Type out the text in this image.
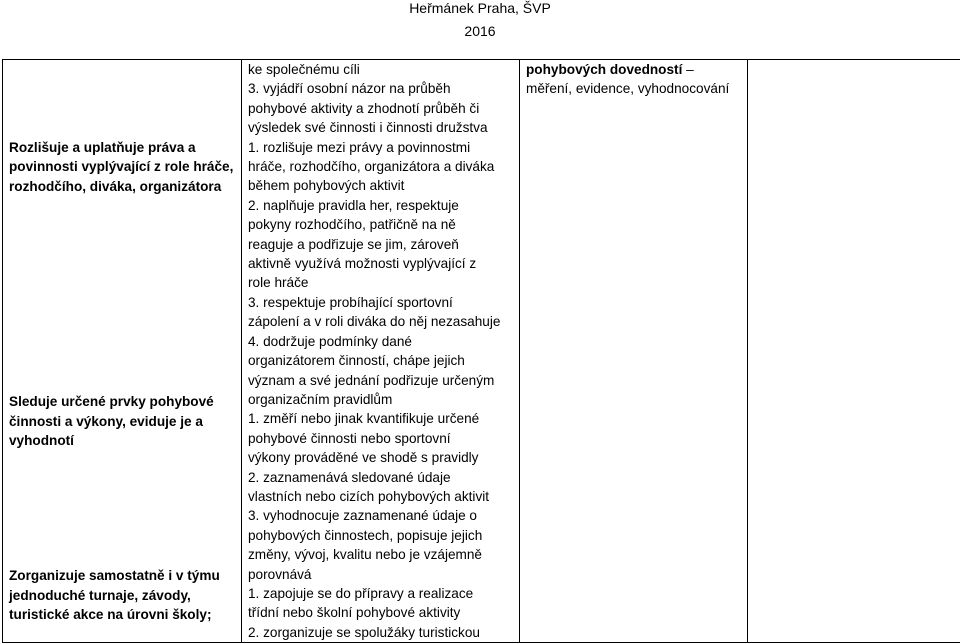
Heřmánek Praha, ŠVP
2016
Rozlišuje a uplatňuje práva a
povinnosti vyplývající z role hráče,
rozhodčího, diváka, organizátora
Sleduje určené prvky pohybové
činnosti a výkony, eviduje je a
vyhodnotí
Zorganizuje samostatně i v týmu
jednoduché turnaje, závody,
turistické akce na úrovni školy;

ke společnému cíli
3. vyjádří osobní názor na průběh
pohybové aktivity a zhodnotí průběh či
výsledek své činnosti i činnosti družstva
1. rozlišuje mezi právy a povinnostmi
hráče, rozhodčího, organizátora a diváka
během pohybových aktivit
2. naplňuje pravidla her, respektuje
pokyny rozhodčího, patřičně na ně
reaguje a podřizuje se jim, zároveň
aktivně využívá možnosti vyplývající z
role hráče
3. respektuje probíhající sportovní
zápolení a v roli diváka do něj nezasahuje
4. dodržuje podmínky dané
organizátorem činností, chápe jejich
význam a své jednání podřizuje určeným
organizačním pravidlům
1. změří nebo jinak kvantifikuje určené
pohybové činnosti nebo sportovní
výkony prováděné ve shodě s pravidly
2. zaznamenává sledované údaje
vlastních nebo cizích pohybových aktivit
3. vyhodnocuje zaznamenané údaje o
pohybových činnostech, popisuje jejich
změny, vývoj, kvalitu nebo je vzájemně
porovnává
1. zapojuje se do přípravy a realizace
třídní nebo školní pohybové aktivity
2. zorganizuje se spolužáky turistickou

pohybových dovedností –
měření, evidence, vyhodnocování
